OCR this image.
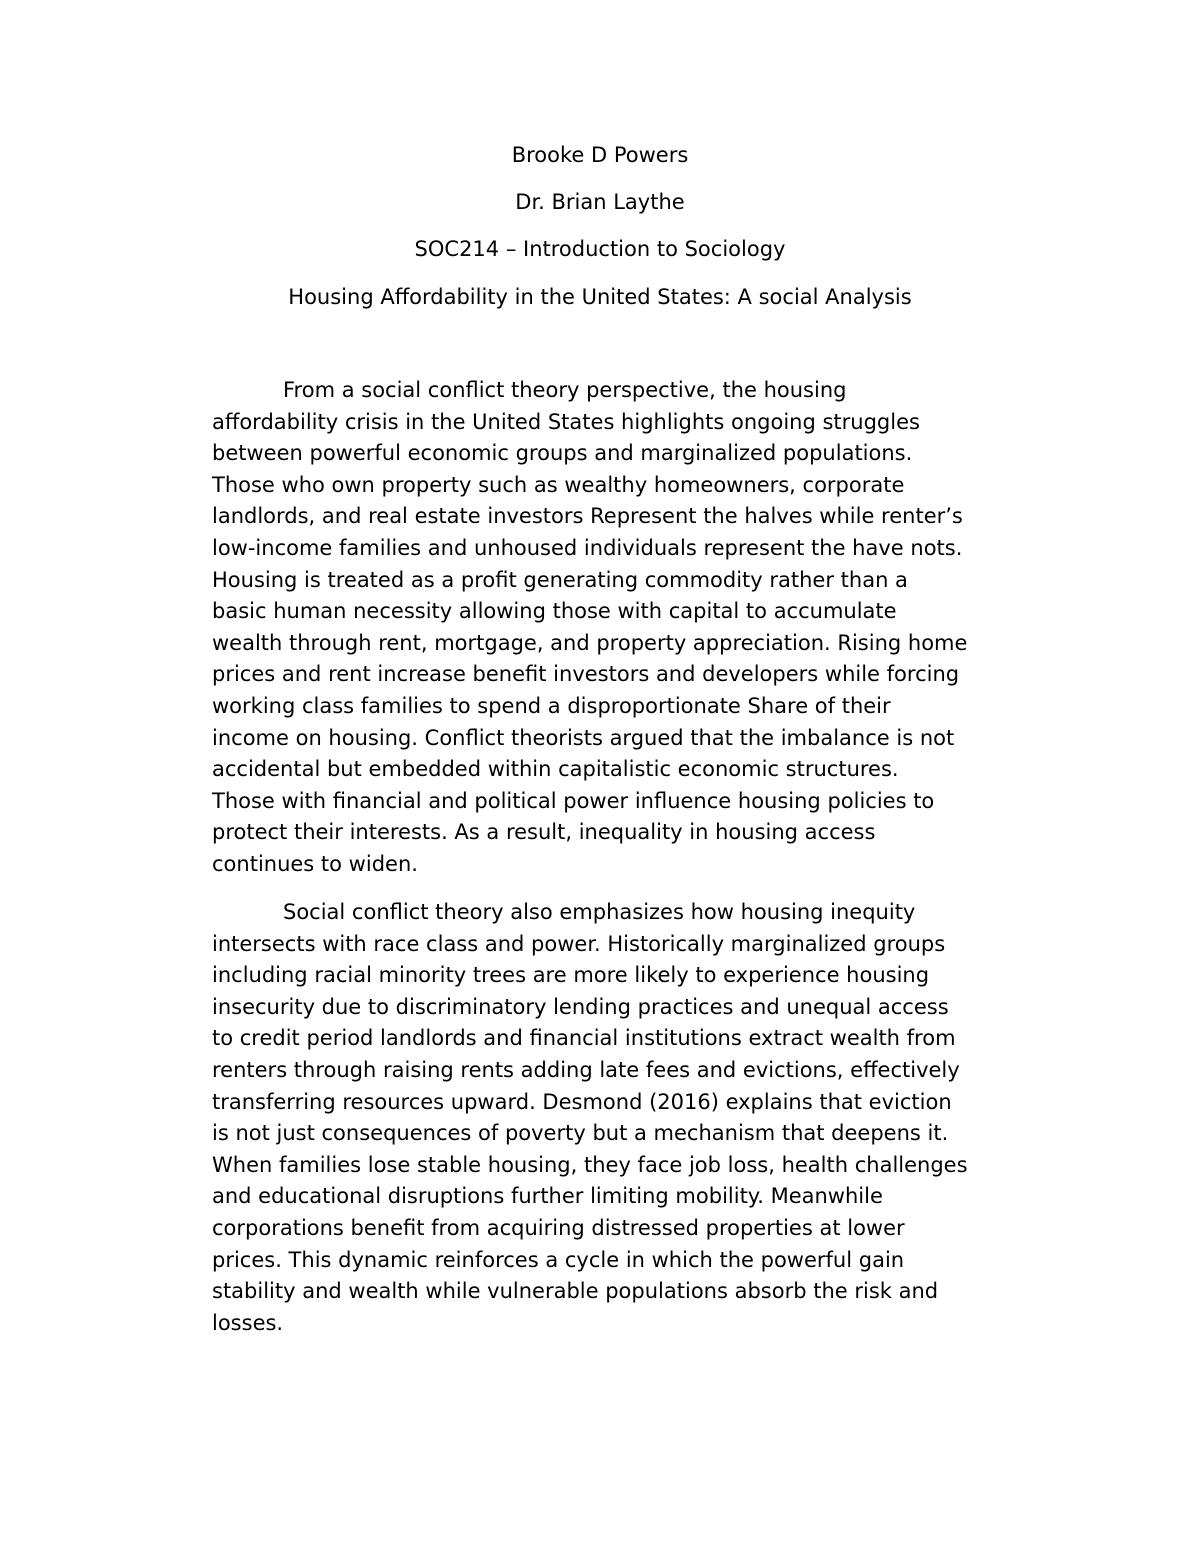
Brooke D Powers
Dr. Brian Laythe
SOC214 – Introduction to Sociology
Housing Affordability in the United States: A social Analysis
From a social conflict theory perspective, the housing
affordability crisis in the United States highlights ongoing struggles
between powerful economic groups and marginalized populations.
Those who own property such as wealthy homeowners, corporate
landlords, and real estate investors Represent the halves while renter’s
low-income families and unhoused individuals represent the have nots.
Housing is treated as a profit generating commodity rather than a
basic human necessity allowing those with capital to accumulate
wealth through rent, mortgage, and property appreciation. Rising home
prices and rent increase benefit investors and developers while forcing
working class families to spend a disproportionate Share of their
income on housing. Conflict theorists argued that the imbalance is not
accidental but embedded within capitalistic economic structures.
Those with financial and political power influence housing policies to
protect their interests. As a result, inequality in housing access
continues to widen.
Social conflict theory also emphasizes how housing inequity
intersects with race class and power. Historically marginalized groups
including racial minority trees are more likely to experience housing
insecurity due to discriminatory lending practices and unequal access
to credit period landlords and financial institutions extract wealth from
renters through raising rents adding late fees and evictions, effectively
transferring resources upward. Desmond (2016) explains that eviction
is not just consequences of poverty but a mechanism that deepens it.
When families lose stable housing, they face job loss, health challenges
and educational disruptions further limiting mobility. Meanwhile
corporations benefit from acquiring distressed properties at lower
prices. This dynamic reinforces a cycle in which the powerful gain
stability and wealth while vulnerable populations absorb the risk and
losses.
